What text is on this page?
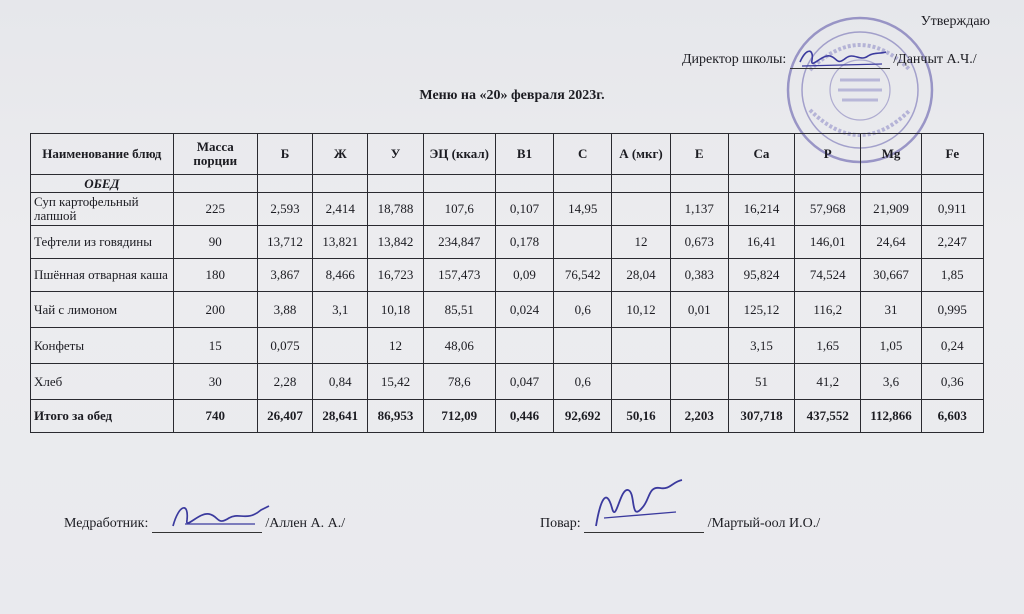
Утверждаю
Директор школы:	/Данчыт А.Ч./
Меню на «20» февраля 2023г.
Наименование блюд	Масса порции	Б	Ж	У	ЭЦ (ккал)	В1	С	А (мкг)	Е	Са	Р	Mg	Fe
ОБЕД													
Суп картофельный лапшой	225	2,593	2,414	18,788	107,6	0,107	14,95		1,137	16,214	57,968	21,909	0,911
Тефтели из говядины	90	13,712	13,821	13,842	234,847	0,178		12	0,673	16,41	146,01	24,64	2,247
Пшённая отварная каша	180	3,867	8,466	16,723	157,473	0,09	76,542	28,04	0,383	95,824	74,524	30,667	1,85
Чай с лимоном	200	3,88	3,1	10,18	85,51	0,024	0,6	10,12	0,01	125,12	116,2	31	0,995
Конфеты	15	0,075		12	48,06					3,15	1,65	1,05	0,24
Хлеб	30	2,28	0,84	15,42	78,6	0,047	0,6			51	41,2	3,6	0,36
Итого за обед	740	26,407	28,641	86,953	712,09	0,446	92,692	50,16	2,203	307,718	437,552	112,866	6,603
Медработник:	/Аллен А. А./	Повар:	/Мартый-оол И.О./
